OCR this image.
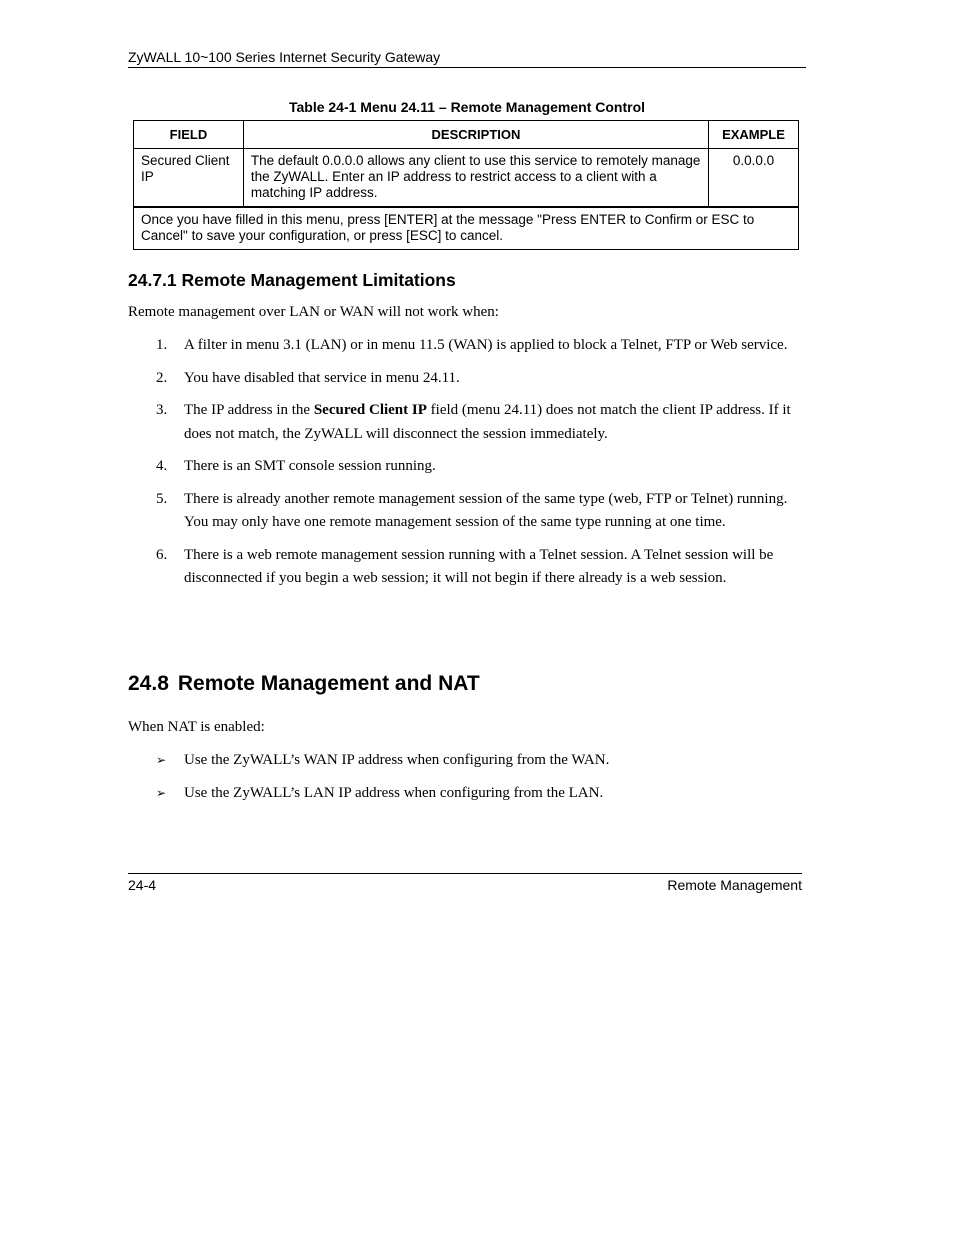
ZyWALL 10~100 Series Internet Security Gateway
Table 24-1 Menu 24.11 – Remote Management Control
FIELD	DESCRIPTION	EXAMPLE
Secured Client IP	The default 0.0.0.0 allows any client to use this service to remotely manage the ZyWALL. Enter an IP address to restrict access to a client with a matching IP address.	0.0.0.0
Once you have filled in this menu, press [ENTER] at the message "Press ENTER to Confirm or ESC to Cancel" to save your configuration, or press [ESC] to cancel.		
24.7.1 Remote Management Limitations
Remote management over LAN or WAN will not work when:
1. A filter in menu 3.1 (LAN) or in menu 11.5 (WAN) is applied to block a Telnet, FTP or Web service.
2. You have disabled that service in menu 24.11.
3. The IP address in the Secured Client IP field (menu 24.11) does not match the client IP address. If it does not match, the ZyWALL will disconnect the session immediately.
4. There is an SMT console session running.
5. There is already another remote management session of the same type (web, FTP or Telnet) running. You may only have one remote management session of the same type running at one time.
6. There is a web remote management session running with a Telnet session. A Telnet session will be disconnected if you begin a web session; it will not begin if there already is a web session.
24.8 Remote Management and NAT
When NAT is enabled:
➢ Use the ZyWALL’s WAN IP address when configuring from the WAN.
➢ Use the ZyWALL’s LAN IP address when configuring from the LAN.
24-4	Remote Management
